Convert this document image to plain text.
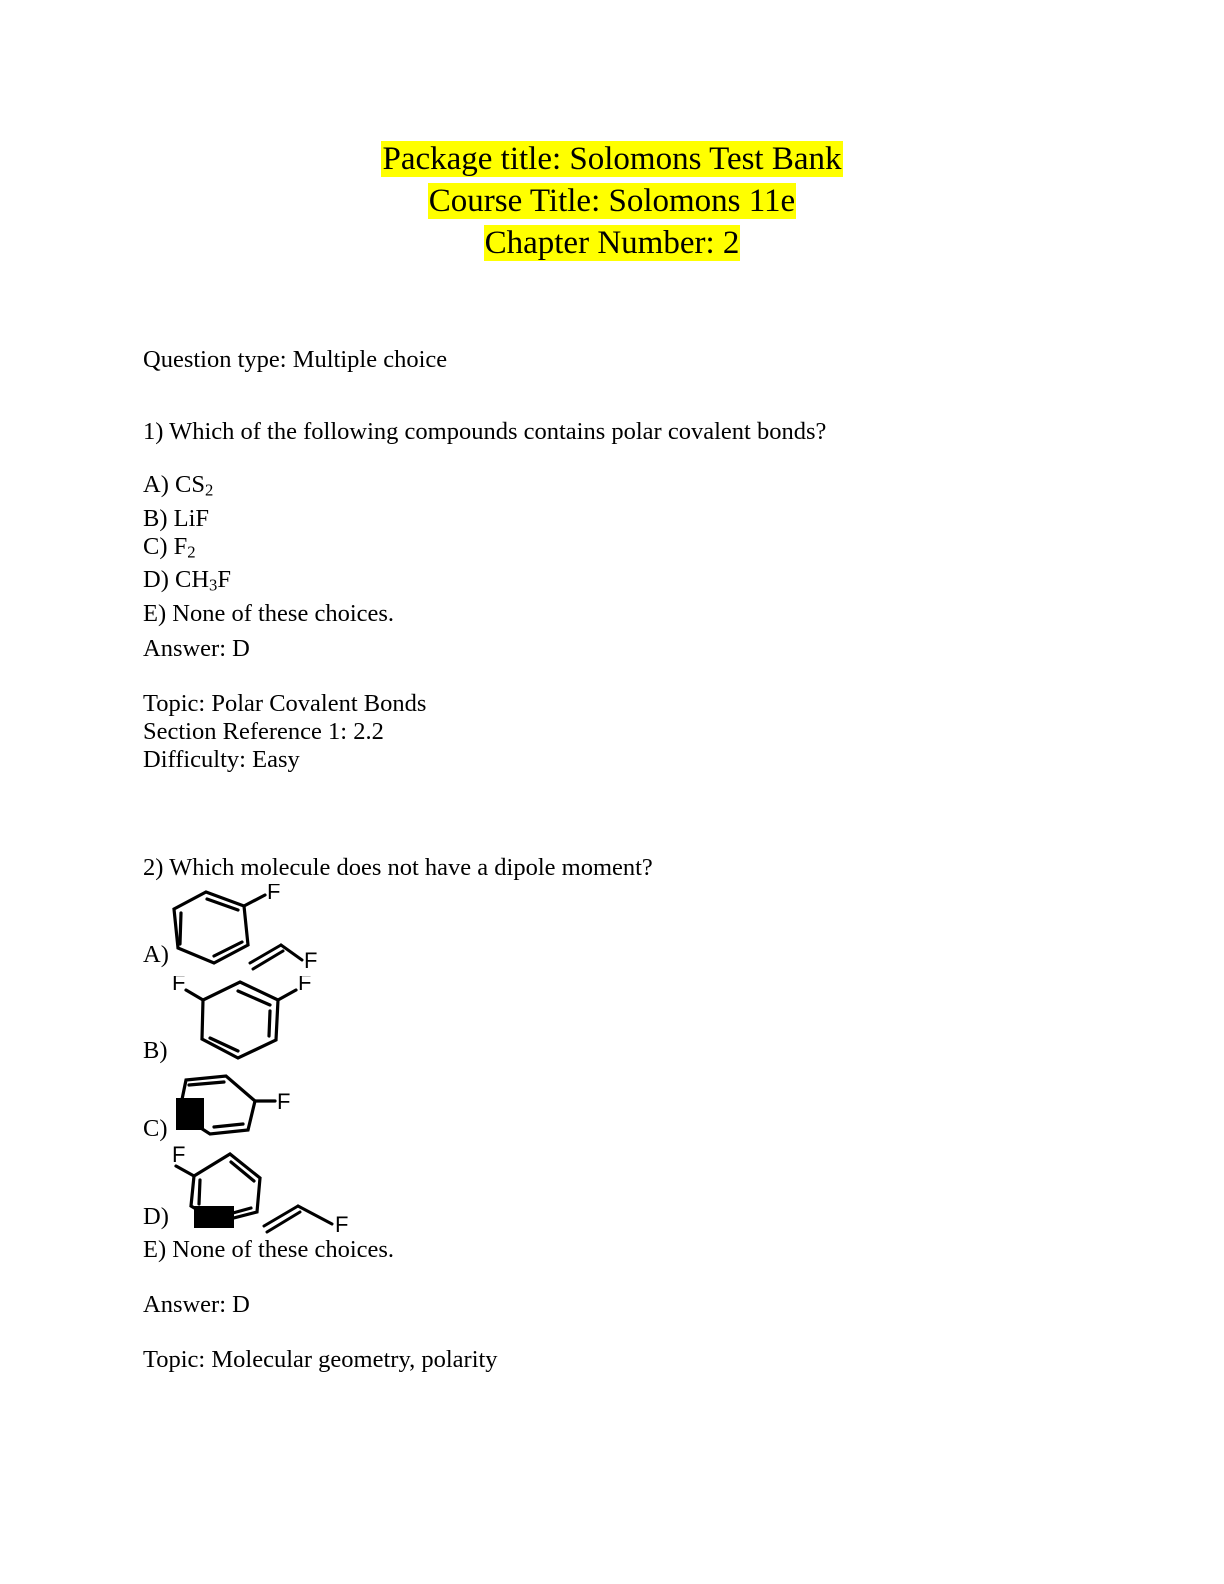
Package title: Solomons Test Bank

Course Title: Solomons 11e

Chapter Number: 2

Question type: Multiple choice

1) Which of the following compounds contains polar covalent bonds?

A) $CS_2$

B) LiF

C) $F_2$

D) $CH_3F$

E) None of these choices.

Answer: D

Topic: Polar Covalent Bonds

Section Reference 1: 2.2

Difficulty: Easy

2) Which molecule does not have a dipole moment?

A)
F
F
B)
F	F
C)
F
D)
F
F

E) None of these choices.

Answer: D

Topic: Molecular geometry, polarity
